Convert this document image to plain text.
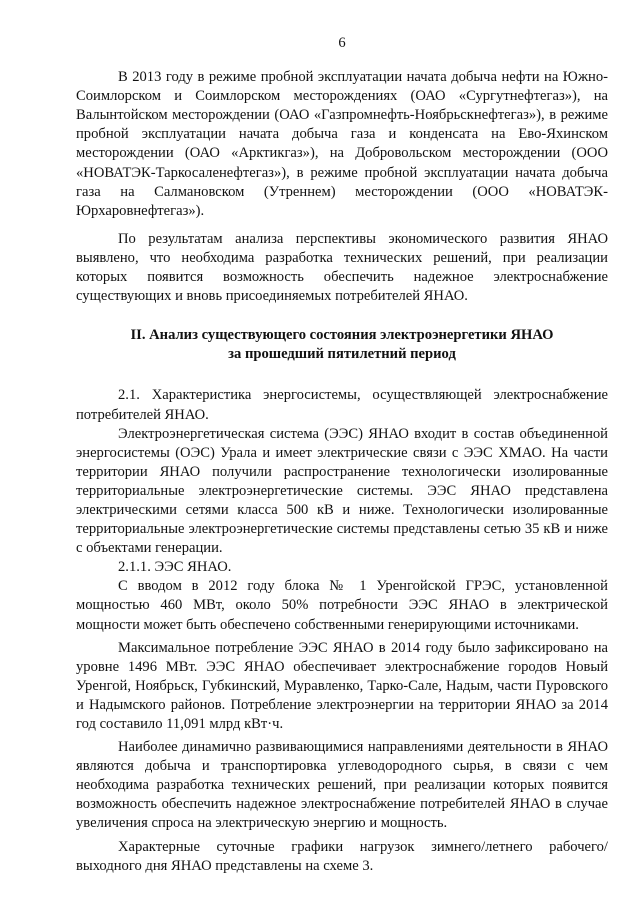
6

В 2013 году в режиме пробной эксплуатации начата добыча нефти на Южно-Соимлорском и Соимлорском месторождениях (ОАО «Сургутнефтегаз»), на Валынтойском месторождении (ОАО «Газпромнефть-Ноябрьскнефтегаз»), в режиме пробной эксплуатации начата добыча газа и конденсата на Ево-Яхинском месторождении (ОАО «Арктикгаз»), на Добровольском месторождении (ООО «НОВАТЭК-Таркосаленефтегаз»), в режиме пробной эксплуатации начата добыча газа на Салмановском (Утреннем) месторождении (ООО «НОВАТЭК-Юрхаровнефтегаз»).

По результатам анализа перспективы экономического развития ЯНАО выявлено, что необходима разработка технических решений, при реализации которых появится возможность обеспечить надежное электроснабжение существующих и вновь присоединяемых потребителей ЯНАО.

II. Анализ существующего состояния электроэнергетики ЯНАО
за прошедший пятилетний период

2.1. Характеристика энергосистемы, осуществляющей электроснабжение потребителей ЯНАО.

Электроэнергетическая система (ЭЭС) ЯНАО входит в состав объединенной энергосистемы (ОЭС) Урала и имеет электрические связи с ЭЭС ХМАО. На части территории ЯНАО получили распространение технологически изолированные территориальные электроэнергетические системы. ЭЭС ЯНАО представлена электрическими сетями класса 500 кВ и ниже. Технологически изолированные территориальные электроэнергетические системы представлены сетью 35 кВ и ниже с объектами генерации.

2.1.1. ЭЭС ЯНАО.

С вводом в 2012 году блока № 1 Уренгойской ГРЭС, установленной мощностью 460 МВт, около 50% потребности ЭЭС ЯНАО в электрической мощности может быть обеспечено собственными генерирующими источниками.

Максимальное потребление ЭЭС ЯНАО в 2014 году было зафиксировано на уровне 1496 МВт. ЭЭС ЯНАО обеспечивает электроснабжение городов Новый Уренгой, Ноябрьск, Губкинский, Муравленко, Тарко-Сале, Надым, части Пуровского и Надымского районов. Потребление электроэнергии на территории ЯНАО за 2014 год составило 11,091 млрд кВт·ч.

Наиболее динамично развивающимися направлениями деятельности в ЯНАО являются добыча и транспортировка углеводородного сырья, в связи с чем необходима разработка технических решений, при реализации которых появится возможность обеспечить надежное электроснабжение потребителей ЯНАО в случае увеличения спроса на электрическую энергию и мощность.

Характерные суточные графики нагрузок зимнего/летнего рабочего/выходного дня ЯНАО представлены на схеме 3.
